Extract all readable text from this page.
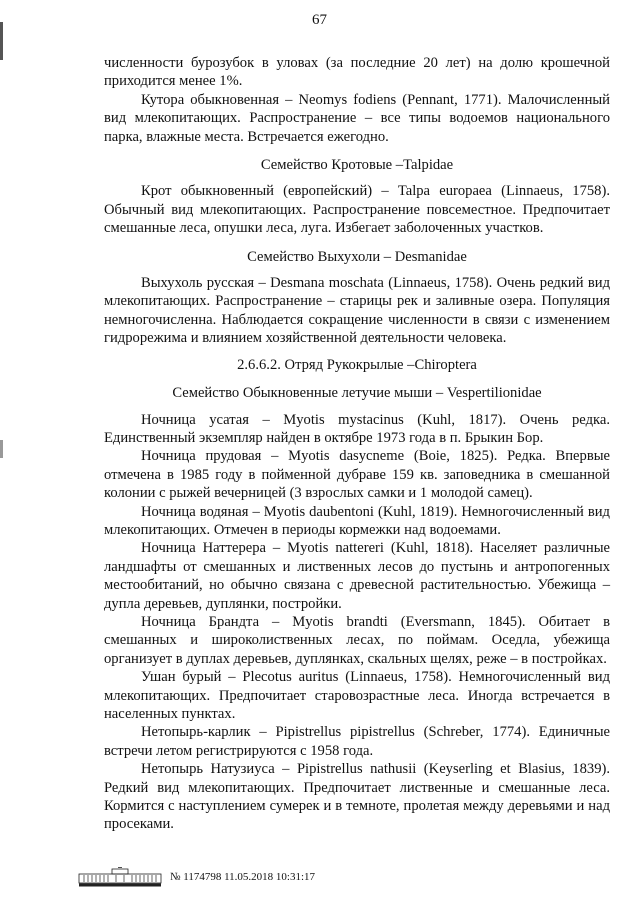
67

численности бурозубок в уловах (за последние 20 лет) на долю крошечной приходится менее 1%.

Кутора обыкновенная – Neomys fodiens (Pennant, 1771). Малочисленный вид млекопитающих. Распространение – все типы водоемов национального парка, влажные места. Встречается ежегодно.

Семейство Кротовые –Talpidae

Крот обыкновенный (европейский) – Talpa europaea (Linnaeus, 1758). Обычный вид млекопитающих. Распространение повсеместное. Предпочитает смешанные леса, опушки леса, луга. Избегает заболоченных участков.

Семейство Выхухоли – Desmanidae

Выхухоль русская – Desmana moschata (Linnaeus, 1758). Очень редкий вид млекопитающих. Распространение – старицы рек и заливные озера. Популяция немногочисленна. Наблюдается сокращение численности в связи с изменением гидрорежима и влиянием хозяйственной деятельности человека.

2.6.6.2. Отряд Рукокрылые –Chiroptera
Семейство Обыкновенные летучие мыши – Vespertilionidae

Ночница усатая – Myotis mystacinus (Kuhl, 1817). Очень редка. Единственный экземпляр найден в октябре 1973 года в п. Брыкин Бор.

Ночница прудовая – Myotis dasycneme (Boie, 1825). Редка. Впервые отмечена в 1985 году в пойменной дубраве 159 кв. заповедника в смешанной колонии с рыжей вечерницей (3 взрослых самки и 1 молодой самец).

Ночница водяная – Myotis daubentoni (Kuhl, 1819). Немногочисленный вид млекопитающих. Отмечен в периоды кормежки над водоемами.

Ночница Наттерера – Myotis nattereri (Kuhl, 1818). Населяет различные ландшафты от смешанных и лиственных лесов до пустынь и антропогенных местообитаний, но обычно связана с древесной растительностью. Убежища – дупла деревьев, дуплянки, постройки.

Ночница Брандта – Myotis brandti (Eversmann, 1845). Обитает в смешанных и широколиственных лесах, по поймам. Оседла, убежища организует в дуплах деревьев, дуплянках, скальных щелях, реже – в постройках.

Ушан бурый – Plecotus auritus (Linnaeus, 1758). Немногочисленный вид млекопитающих. Предпочитает старовозрастные леса. Иногда встречается в населенных пунктах.

Нетопырь-карлик – Pipistrellus pipistrellus (Schreber, 1774). Единичные встречи летом регистрируются с 1958 года.

Нетопырь Натузиуса – Pipistrellus nathusii (Keyserling et Blasius, 1839). Редкий вид млекопитающих. Предпочитает лиственные и смешанные леса. Кормится с наступлением сумерек и в темноте, пролетая между деревьями и над просеками.

№ 1174798 11.05.2018 10:31:17
